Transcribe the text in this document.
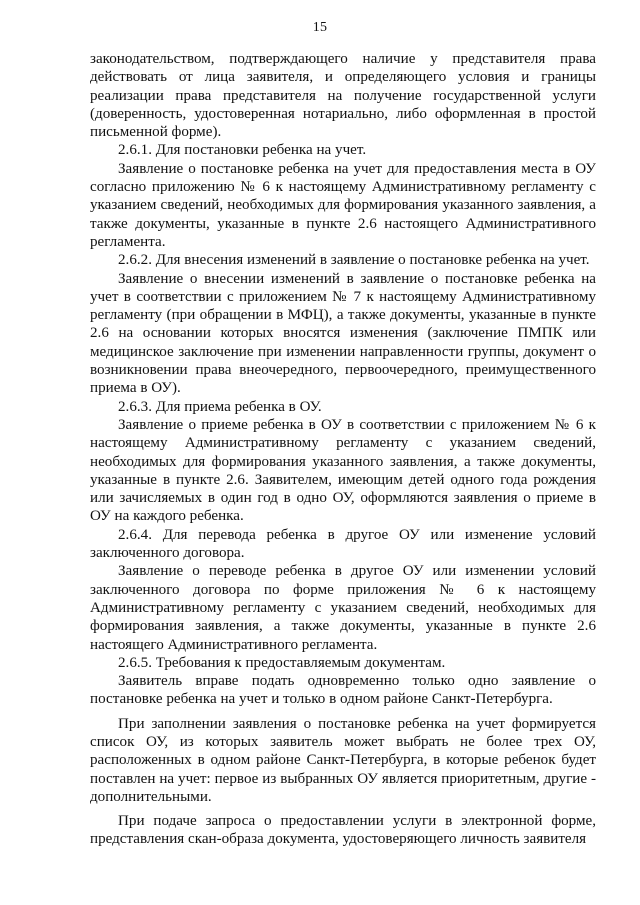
15

законодательством, подтверждающего наличие у представителя права действовать от лица заявителя, и определяющего условия и границы реализации права представителя на получение государственной услуги (доверенность, удостоверенная нотариально, либо оформленная в простой письменной форме).

2.6.1. Для постановки ребенка на учет.

Заявление о постановке ребенка на учет для предоставления места в ОУ согласно приложению № 6 к настоящему Административному регламенту с указанием сведений, необходимых для формирования указанного заявления, а также документы, указанные в пункте 2.6 настоящего Административного регламента.

2.6.2. Для внесения изменений в заявление о постановке ребенка на учет.

Заявление о внесении изменений в заявление о постановке ребенка на учет в соответствии с приложением № 7 к настоящему Административному регламенту (при обращении в МФЦ), а также документы, указанные в пункте 2.6 на основании которых вносятся изменения (заключение ПМПК или медицинское заключение при изменении направленности группы, документ о возникновении права внеочередного, первоочередного, преимущественного приема в ОУ).

2.6.3. Для приема ребенка в ОУ.

Заявление о приеме ребенка в ОУ в соответствии с приложением № 6 к настоящему Административному регламенту с указанием сведений, необходимых для формирования указанного заявления, а также документы, указанные в пункте 2.6. Заявителем, имеющим детей одного года рождения или зачисляемых в один год в одно ОУ, оформляются заявления о приеме в ОУ на каждого ребенка.

2.6.4. Для перевода ребенка в другое ОУ или изменение условий заключенного договора.

Заявление о переводе ребенка в другое ОУ или изменении условий заключенного договора по форме приложения № 6 к настоящему Административному регламенту с указанием сведений, необходимых для формирования заявления, а также документы, указанные в пункте 2.6 настоящего Административного регламента.

2.6.5. Требования к предоставляемым документам.

Заявитель вправе подать одновременно только одно заявление о постановке ребенка на учет и только в одном районе Санкт-Петербурга.

При заполнении заявления о постановке ребенка на учет формируется список ОУ, из которых заявитель может выбрать не более трех ОУ, расположенных в одном районе Санкт-Петербурга, в которые ребенок будет поставлен на учет: первое из выбранных ОУ является приоритетным, другие - дополнительными.

При подаче запроса о предоставлении услуги в электронной форме, представления скан-образа документа, удостоверяющего личность заявителя
